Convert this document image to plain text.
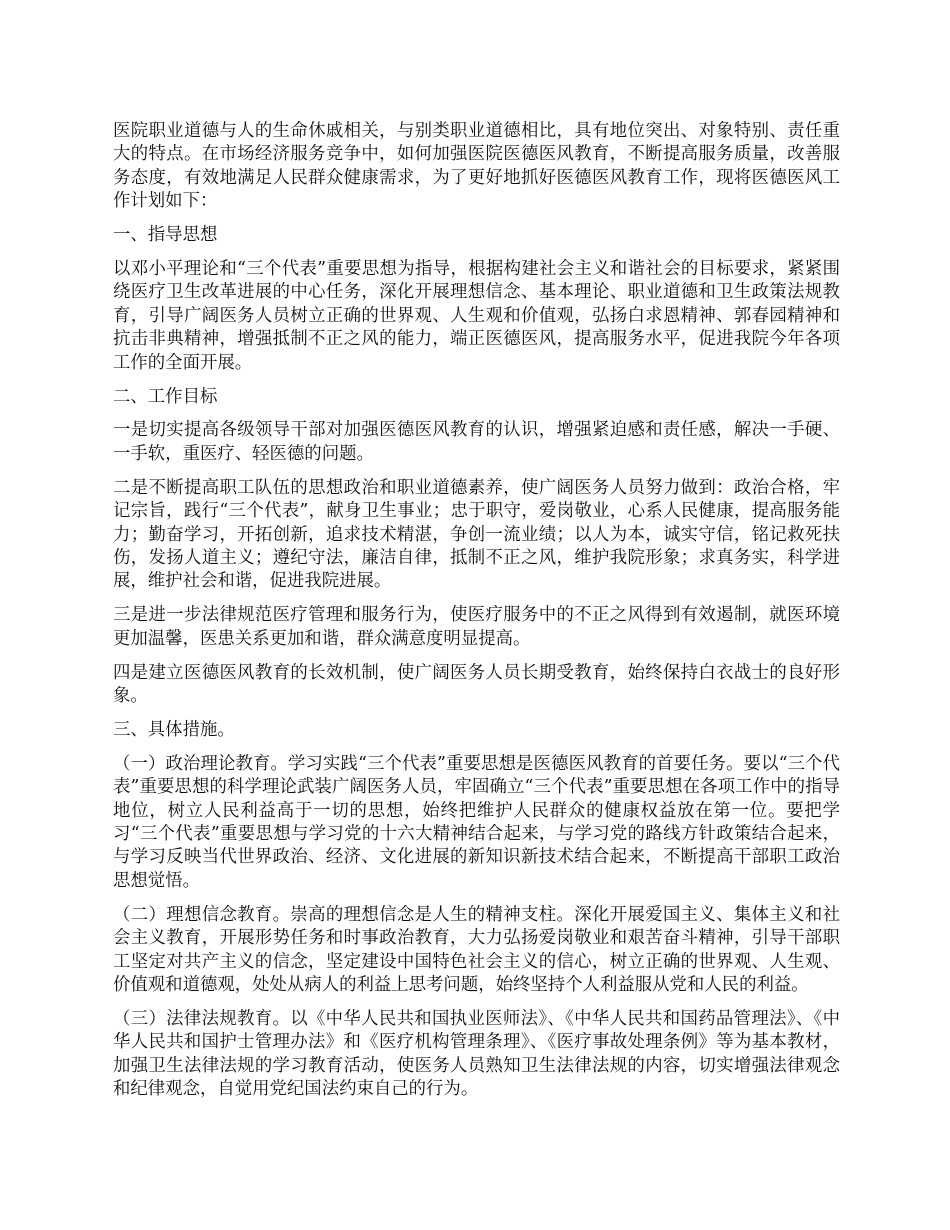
医院职业道德与人的生命休戚相关，与别类职业道德相比，具有地位突出、对象特别、责任重大的特点。在市场经济服务竞争中，如何加强医院医德医风教育，不断提高服务质量，改善服务态度，有效地满足人民群众健康需求，为了更好地抓好医德医风教育工作，现将医德医风工作计划如下：

一、指导思想

以邓小平理论和“三个代表”重要思想为指导，根据构建社会主义和谐社会的目标要求，紧紧围绕医疗卫生改革进展的中心任务，深化开展理想信念、基本理论、职业道德和卫生政策法规教育，引导广阔医务人员树立正确的世界观、人生观和价值观，弘扬白求恩精神、郭春园精神和抗击非典精神，增强抵制不正之风的能力，端正医德医风，提高服务水平，促进我院今年各项工作的全面开展。

二、工作目标

一是切实提高各级领导干部对加强医德医风教育的认识，增强紧迫感和责任感，解决一手硬、一手软，重医疗、轻医德的问题。

二是不断提高职工队伍的思想政治和职业道德素养，使广阔医务人员努力做到：政治合格，牢记宗旨，践行“三个代表”，献身卫生事业；忠于职守，爱岗敬业，心系人民健康，提高服务能力；勤奋学习，开拓创新，追求技术精湛，争创一流业绩；以人为本，诚实守信，铭记救死扶伤，发扬人道主义；遵纪守法，廉洁自律，抵制不正之风，维护我院形象；求真务实，科学进展，维护社会和谐，促进我院进展。

三是进一步法律规范医疗管理和服务行为，使医疗服务中的不正之风得到有效遏制，就医环境更加温馨，医患关系更加和谐，群众满意度明显提高。

四是建立医德医风教育的长效机制，使广阔医务人员长期受教育，始终保持白衣战士的良好形象。

三、具体措施。

（一）政治理论教育。学习实践“三个代表”重要思想是医德医风教育的首要任务。要以“三个代表”重要思想的科学理论武装广阔医务人员，牢固确立“三个代表”重要思想在各项工作中的指导地位，树立人民利益高于一切的思想，始终把维护人民群众的健康权益放在第一位。要把学习“三个代表”重要思想与学习党的十六大精神结合起来，与学习党的路线方针政策结合起来，与学习反映当代世界政治、经济、文化进展的新知识新技术结合起来，不断提高干部职工政治思想觉悟。

（二）理想信念教育。崇高的理想信念是人生的精神支柱。深化开展爱国主义、集体主义和社会主义教育，开展形势任务和时事政治教育，大力弘扬爱岗敬业和艰苦奋斗精神，引导干部职工坚定对共产主义的信念，坚定建设中国特色社会主义的信心，树立正确的世界观、人生观、价值观和道德观，处处从病人的利益上思考问题，始终坚持个人利益服从党和人民的利益。

（三）法律法规教育。以《中华人民共和国执业医师法》、《中华人民共和国药品管理法》、《中华人民共和国护士管理办法》和《医疗机构管理条理》、《医疗事故处理条例》等为基本教材，加强卫生法律法规的学习教育活动，使医务人员熟知卫生法律法规的内容，切实增强法律观念和纪律观念，自觉用党纪国法约束自己的行为。
